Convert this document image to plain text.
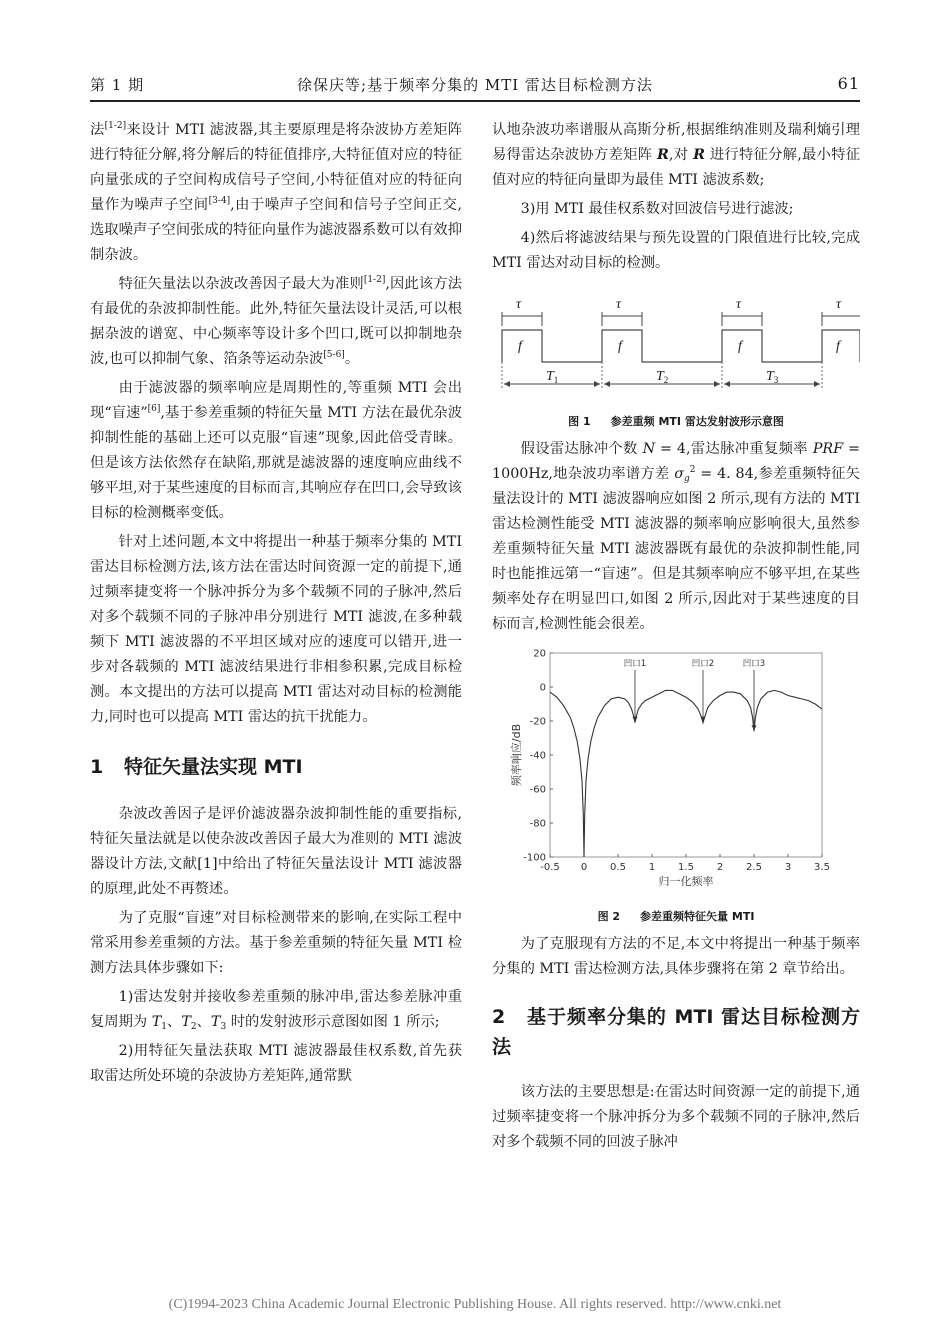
第 1 期	徐保庆等;基于频率分集的 MTI 雷达目标检测方法	61

法[1-2]来设计 MTI 滤波器,其主要原理是将杂波协方差矩阵进行特征分解,将分解后的特征值排序,大特征值对应的特征向量张成的子空间构成信号子空间,小特征值对应的特征向量作为噪声子空间[3-4],由于噪声子空间和信号子空间正交,选取噪声子空间张成的特征向量作为滤波器系数可以有效抑制杂波。

特征矢量法以杂波改善因子最大为准则[1-2],因此该方法有最优的杂波抑制性能。此外,特征矢量法设计灵活,可以根据杂波的谱宽、中心频率等设计多个凹口,既可以抑制地杂波,也可以抑制气象、箔条等运动杂波[5-6]。

由于滤波器的频率响应是周期性的,等重频 MTI 会出现“盲速”[6],基于参差重频的特征矢量 MTI 方法在最优杂波抑制性能的基础上还可以克服“盲速”现象,因此倍受青睐。但是该方法依然存在缺陷,那就是滤波器的速度响应曲线不够平坦,对于某些速度的目标而言,其响应存在凹口,会导致该目标的检测概率变低。

针对上述问题,本文中将提出一种基于频率分集的 MTI 雷达目标检测方法,该方法在雷达时间资源一定的前提下,通过频率捷变将一个脉冲拆分为多个载频不同的子脉冲,然后对多个载频不同的子脉冲串分别进行 MTI 滤波,在多种载频下 MTI 滤波器的不平坦区域对应的速度可以错开,进一步对各载频的 MTI 滤波结果进行非相参积累,完成目标检测。本文提出的方法可以提高 MTI 雷达对动目标的检测能力,同时也可以提高 MTI 雷达的抗干扰能力。

1 特征矢量法实现 MTI

杂波改善因子是评价滤波器杂波抑制性能的重要指标,特征矢量法就是以使杂波改善因子最大为准则的 MTI 滤波器设计方法,文献[1]中给出了特征矢量法设计 MTI 滤波器的原理,此处不再赘述。

为了克服“盲速”对目标检测带来的影响,在实际工程中常采用参差重频的方法。基于参差重频的特征矢量 MTI 检测方法具体步骤如下:

1)雷达发射并接收参差重频的脉冲串,雷达参差脉冲重复周期为 $T_1$、$T_2$、$T_3$ 时的发射波形示意图如图 1 所示;

2)用特征矢量法获取 MTI 滤波器最佳权系数,首先获取雷达所处环境的杂波协方差矩阵,通常默

认地杂波功率谱服从高斯分析,根据维纳准则及瑞利熵引理易得雷达杂波协方差矩阵 R,对 R 进行特征分解,最小特征值对应的特征向量即为最佳 MTI 滤波系数;

3)用 MTI 最佳权系数对回波信号进行滤波;

4)然后将滤波结果与预先设置的门限值进行比较,完成 MTI 雷达对动目标的检测。

τ	τ	τ	τ
f	f	f	f
$T_1$	$T_2$	$T_3$
图 1 参差重频 MTI 雷达发射波形示意图

假设雷达脉冲个数 N = 4,雷达脉冲重复频率 PRF = 1000Hz,地杂波功率谱方差 $\sigma_g^2 = 4$. 84,参差重频特征矢量法设计的 MTI 滤波器响应如图 2 所示,现有方法的 MTI 雷达检测性能受 MTI 滤波器的频率响应影响很大,虽然参差重频特征矢量 MTI 滤波器既有最优的杂波抑制性能,同时也能推远第一“盲速”。但是其频率响应不够平坦,在某些频率处存在明显凹口,如图 2 所示,因此对于某些速度的目标而言,检测性能会很差。

-0.5 0 0.5 1 1.5 2 2.5 3 3.5
20
0
-20
-40
-60
-80
-100
凹口1	凹口2	凹口3
归一化频率
频率响应/dB
图 2 参差重频特征矢量 MTI

为了克服现有方法的不足,本文中将提出一种基于频率分集的 MTI 雷达检测方法,具体步骤将在第 2 章节给出。

2 基于频率分集的 MTI 雷达目标检测方法

该方法的主要思想是:在雷达时间资源一定的前提下,通过频率捷变将一个脉冲拆分为多个载频不同的子脉冲,然后对多个载频不同的回波子脉冲

(C)1994-2023 China Academic Journal Electronic Publishing House. All rights reserved. http://www.cnki.net
